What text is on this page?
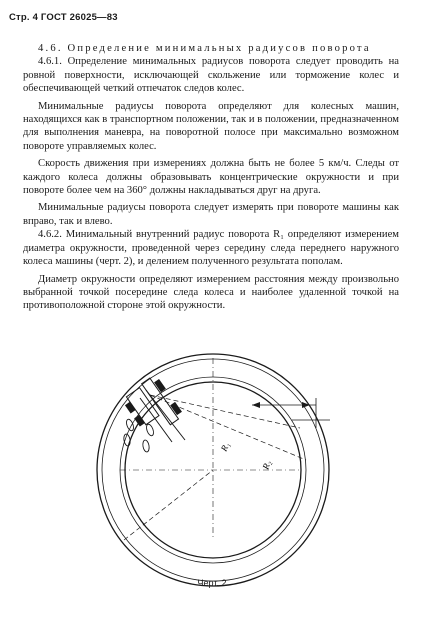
Стр. 4 ГОСТ 26025—83

4.6. Определение минимальных радиусов поворота

4.6.1. Определение минимальных радиусов поворота следует проводить на ровной поверхности, исключающей скольжение или торможение колес и обеспечивающей четкий отпечаток следов колес.

Минимальные радиусы поворота определяют для колесных машин, находящихся как в транспортном положении, так и в положении, предназначенном для выполнения маневра, на поворотной полосе при максимально возможном повороте управляемых колес.

Скорость движения при измерениях должна быть не более 5 км/ч. Следы от каждого колеса должны образовывать концентрические окружности и при повороте более чем на 360° должны накладываться друг на друга.

Минимальные радиусы поворота следует измерять при повороте машины как вправо, так и влево.

4.6.2. Минимальный внутренний радиус поворота R₁ определяют измерением диаметра окружности, проведенной через середину следа переднего наружного колеса машины (черт. 2), и делением полученного результата пополам.

Диаметр окружности определяют измерением расстояния между произвольно выбранной точкой посередине следа колеса и наиболее удаленной точкой на противоположной стороне этой окружности.

R₁
R₂
Черт. 2
